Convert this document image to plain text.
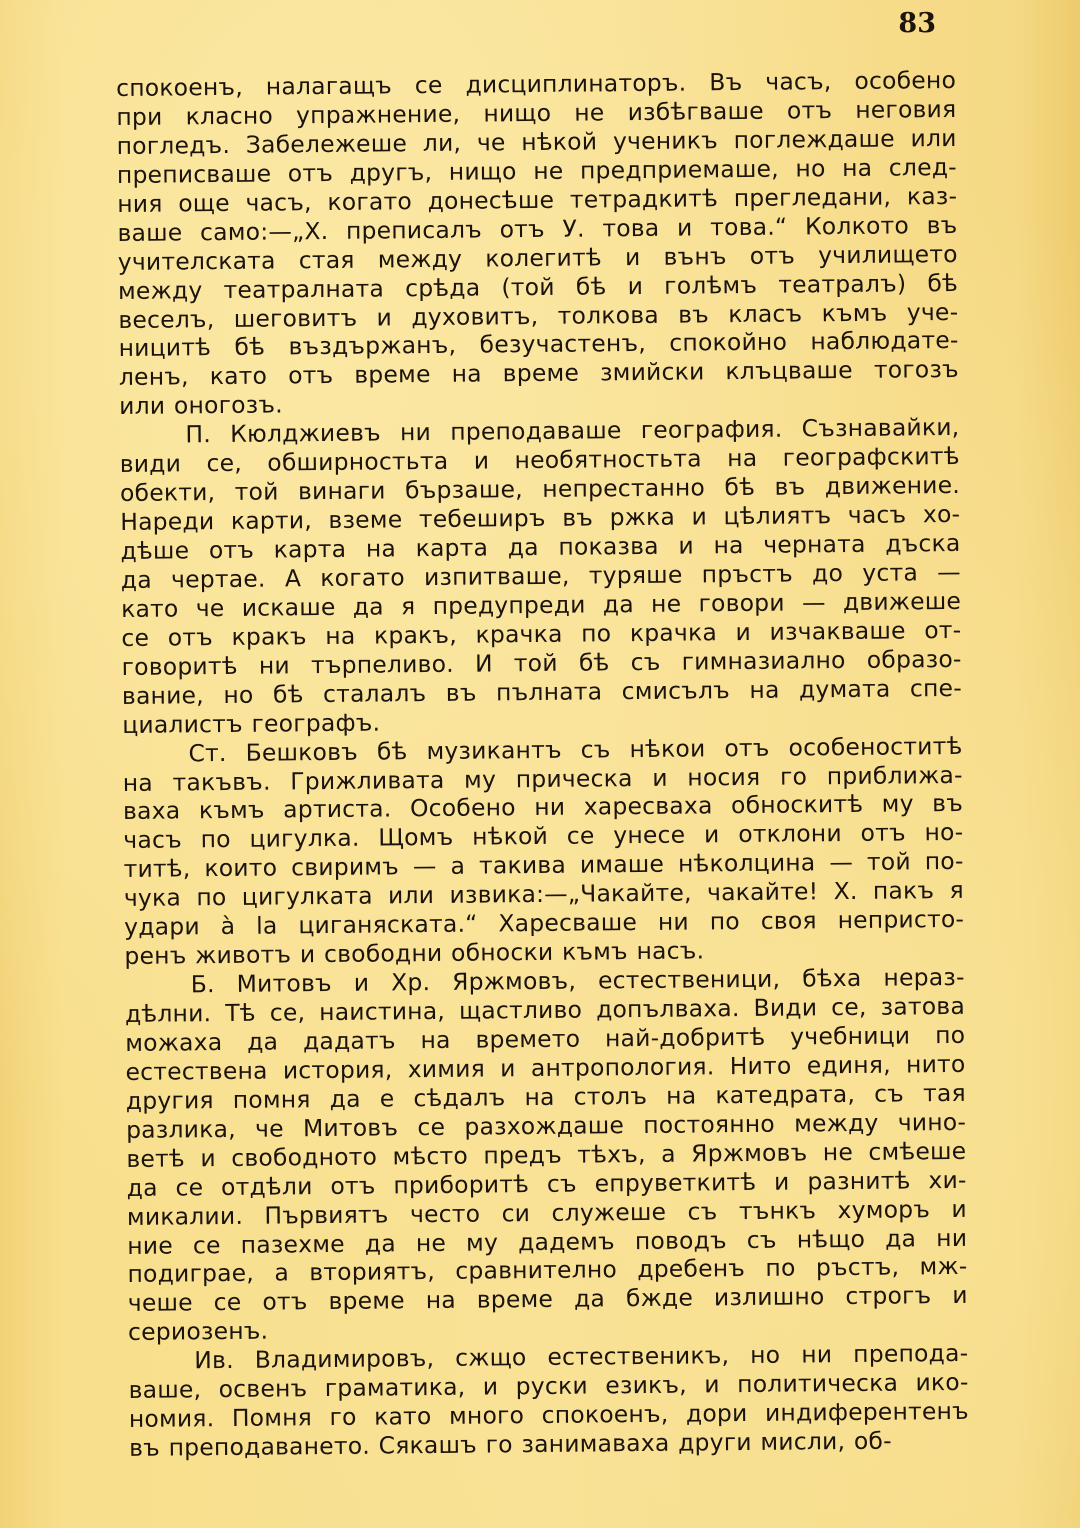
83
спокоенъ, налагащъ се дисциплинаторъ. Въ часъ, особено
при класно упражнение, нищо не избѣгваше отъ неговия
погледъ. Забележеше ли, че нѣкой ученикъ поглеждаше или
преписваше отъ другъ, нищо не предприемаше, но на след-
ния още часъ, когато донесѣше тетрадкитѣ прегледани, каз-
ваше само:—„Х. преписалъ отъ У. това и това.“ Колкото въ
учителската стая между колегитѣ и вънъ отъ училището
между театралната срѣда (той бѣ и голѣмъ театралъ) бѣ
веселъ, шеговитъ и духовитъ, толкова въ класъ къмъ уче-
ницитѣ бѣ въздържанъ, безучастенъ, спокойно наблюдате-
ленъ, като отъ време на време змийски клъцваше тогозъ
или оногозъ.
П. Кюлджиевъ ни преподаваше география. Съзнавайки,
види се, обширностьта и необятностьта на географскитѣ
обекти, той винаги бързаше, непрестанно бѣ въ движение.
Нареди карти, вземе тебеширъ въ ржка и цѣлиятъ часъ хо-
дѣше отъ карта на карта да показва и на черната дъска
да чертае. А когато изпитваше, туряше пръстъ до уста —
като че искаше да я предупреди да не говори — движеше
се отъ кракъ на кракъ, крачка по крачка и изчакваше от-
говоритѣ ни търпеливо. И той бѣ съ гимназиално образо-
вание, но бѣ сталалъ въ пълната смисълъ на думата спе-
циалистъ географъ.
Ст. Бешковъ бѣ музикантъ съ нѣкои отъ особеноститѣ
на такъвъ. Грижливата му прическа и носия го приближа-
ваха къмъ артиста. Особено ни харесваха обноскитѣ му въ
часъ по цигулка. Щомъ нѣкой се унесе и отклони отъ но-
титѣ, които свиримъ — а такива имаше нѣколцина — той по-
чука по цигулката или извика:—„Чакайте, чакайте! Х. пакъ я
удари à la циганяската.“ Харесваше ни по своя непристо-
ренъ животъ и свободни обноски къмъ насъ.
Б. Митовъ и Хр. Яржмовъ, естественици, бѣха нераз-
дѣлни. Тѣ се, наистина, щастливо допълваха. Види се, затова
можаха да дадатъ на времето най-добритѣ учебници по
естествена история, химия и антропология. Нито единя, нито
другия помня да е сѣдалъ на столъ на катедрата, съ тая
разлика, че Митовъ се разхождаше постоянно между чино-
ветѣ и свободното мѣсто предъ тѣхъ, а Яржмовъ не смѣеше
да се отдѣли отъ приборитѣ съ епруветкитѣ и разнитѣ хи-
микалии. Първиятъ често си служеше съ тънкъ хуморъ и
ние се пазехме да не му дадемъ поводъ съ нѣщо да ни
подиграе, а вториятъ, сравнително дребенъ по ръстъ, мж-
чеше се отъ време на време да бжде излишно строгъ и
сериозенъ.
Ив. Владимировъ, сжщо естественикъ, но ни препода-
ваше, освенъ граматика, и руски езикъ, и политическа ико-
номия. Помня го като много спокоенъ, дори индиферентенъ
въ преподаването. Сякашъ го занимаваха други мисли, об-
